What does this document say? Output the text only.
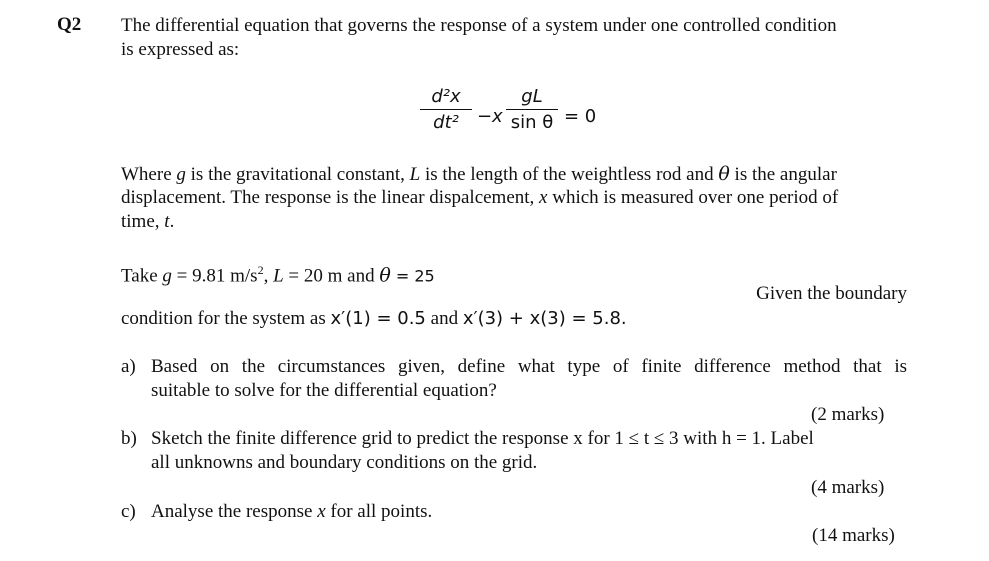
Q2 The differential equation that governs the response of a system under one controlled condition
is expressed as:
d²x
dt²	− x
gL
sin θ = 0
Where g is the gravitational constant, L is the length of the weightless rod and θ is the angular
displacement. The response is the linear dispalcement, x which is measured over one period of
time, t.
Take g = 9.81 $m/s^2$, L = 20 m and θ = 25
Given the boundary
condition for the system as x′(1) = 0.5 and x′(3) + x(3) = 5.8.
a) Based on the circumstances given, define what type of finite difference method that is
suitable to solve for the differential equation?
(2 marks)
b) Sketch the finite difference grid to predict the response x for 1 ≤ t ≤ 3 with h = 1. Label
all unknowns and boundary conditions on the grid.
(4 marks)
c) Analyse the response x for all points.
(14 marks)
